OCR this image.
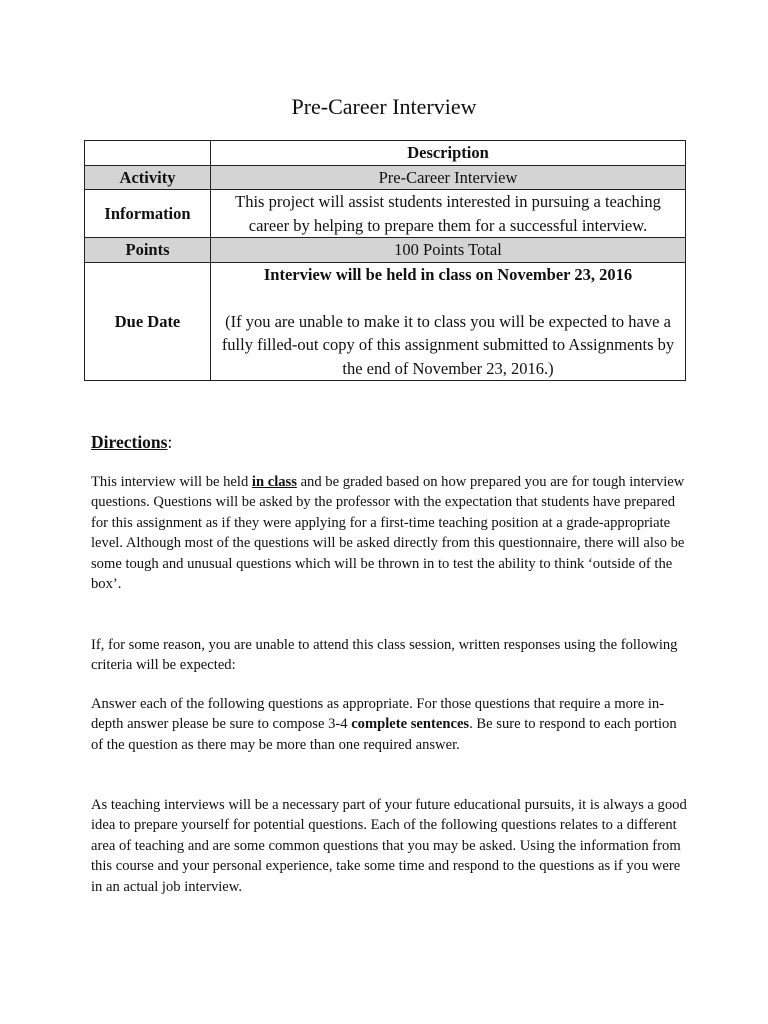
Pre-Career Interview
	Description
Activity	Pre-Career Interview
Information	This project will assist students interested in pursuing a teaching career by helping to prepare them for a successful interview.
Points	100 Points Total
Due Date	Interview will be held in class on November 23, 2016
(If you are unable to make it to class you will be expected to have a fully filled-out copy of this assignment submitted to Assignments by the end of November 23, 2016.)
Directions:

This interview will be held in class and be graded based on how prepared you are for tough interview questions. Questions will be asked by the professor with the expectation that students have prepared for this assignment as if they were applying for a first-time teaching position at a grade-appropriate level. Although most of the questions will be asked directly from this questionnaire, there will also be some tough and unusual questions which will be thrown in to test the ability to think ‘outside of the box’.

If, for some reason, you are unable to attend this class session, written responses using the following criteria will be expected:

Answer each of the following questions as appropriate. For those questions that require a more in-depth answer please be sure to compose 3-4 complete sentences. Be sure to respond to each portion of the question as there may be more than one required answer.

As teaching interviews will be a necessary part of your future educational pursuits, it is always a good idea to prepare yourself for potential questions. Each of the following questions relates to a different area of teaching and are some common questions that you may be asked. Using the information from this course and your personal experience, take some time and respond to the questions as if you were in an actual job interview.
